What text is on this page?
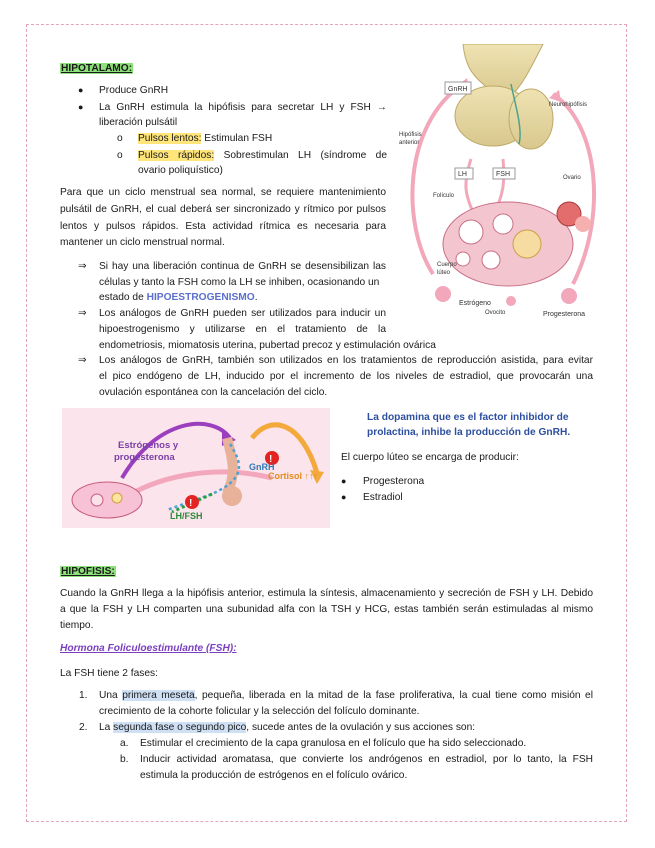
HIPOTALAMO:
● Produce GnRH
● La GnRH estimula la hipófisis para secretar LH y FSH →
liberación pulsátil
o Pulsos lentos: Estimulan FSH
o Pulsos rápidos: Sobrestimulan LH (síndrome de
ovario poliquístico)
Para que un ciclo menstrual sea normal, se requiere mantenimiento
pulsátil de GnRH, el cual deberá ser sincronizado y rítmico por pulsos
lentos y pulsos rápidos. Esta actividad rítmica es necesaria para
mantener un ciclo menstrual normal.
⇒ Si hay una liberación continua de GnRH se desensibilizan las
células y tanto la FSH como la LH se inhiben, ocasionando un
estado de HIPOESTROGENISMO.
⇒ Los análogos de GnRH pueden ser utilizados para inducir un
hipoestrogenismo y utilizarse en el tratamiento de la
endometriosis, miomatosis uterina, pubertad precoz y estimulación ovárica
⇒ Los análogos de GnRH, también son utilizados en los tratamientos de reproducción asistida, para evitar
el pico endógeno de LH, inducido por el incremento de los niveles de estradiol, que provocarán una
ovulación espontánea con la cancelación del ciclo.
GnRH
Hipófisis
anterior
LH	FSH
Neurohipófisis
Folículo
Ovario
Cuerpo
lúteo
Estrógeno
Ovocito	Progesterona
!
!
Estrógenos y
progesterona
GnRH
LH/FSH
Cortisol ↑↑↑
La dopamina que es el factor inhibidor de
prolactina, inhibe la producción de GnRH.
El cuerpo lúteo se encarga de producir:
● Progesterona
● Estradiol
HIPOFISIS:
Cuando la GnRH llega a la hipófisis anterior, estimula la síntesis, almacenamiento y secreción de FSH y LH. Debido
a que la FSH y LH comparten una subunidad alfa con la TSH y HCG, estas también serán estimuladas al mismo
tiempo.
Hormona Foliculoestimulante (FSH):
La FSH tiene 2 fases:
1. Una primera meseta, pequeña, liberada en la mitad de la fase proliferativa, la cual tiene como misión el
crecimiento de la cohorte folicular y la selección del folículo dominante.
2. La segunda fase o segundo pico, sucede antes de la ovulación y sus acciones son:
a. Estimular el crecimiento de la capa granulosa en el folículo que ha sido seleccionado.
b. Inducir actividad aromatasa, que convierte los andrógenos en estradiol, por lo tanto, la FSH
estimula la producción de estrógenos en el folículo ovárico.
